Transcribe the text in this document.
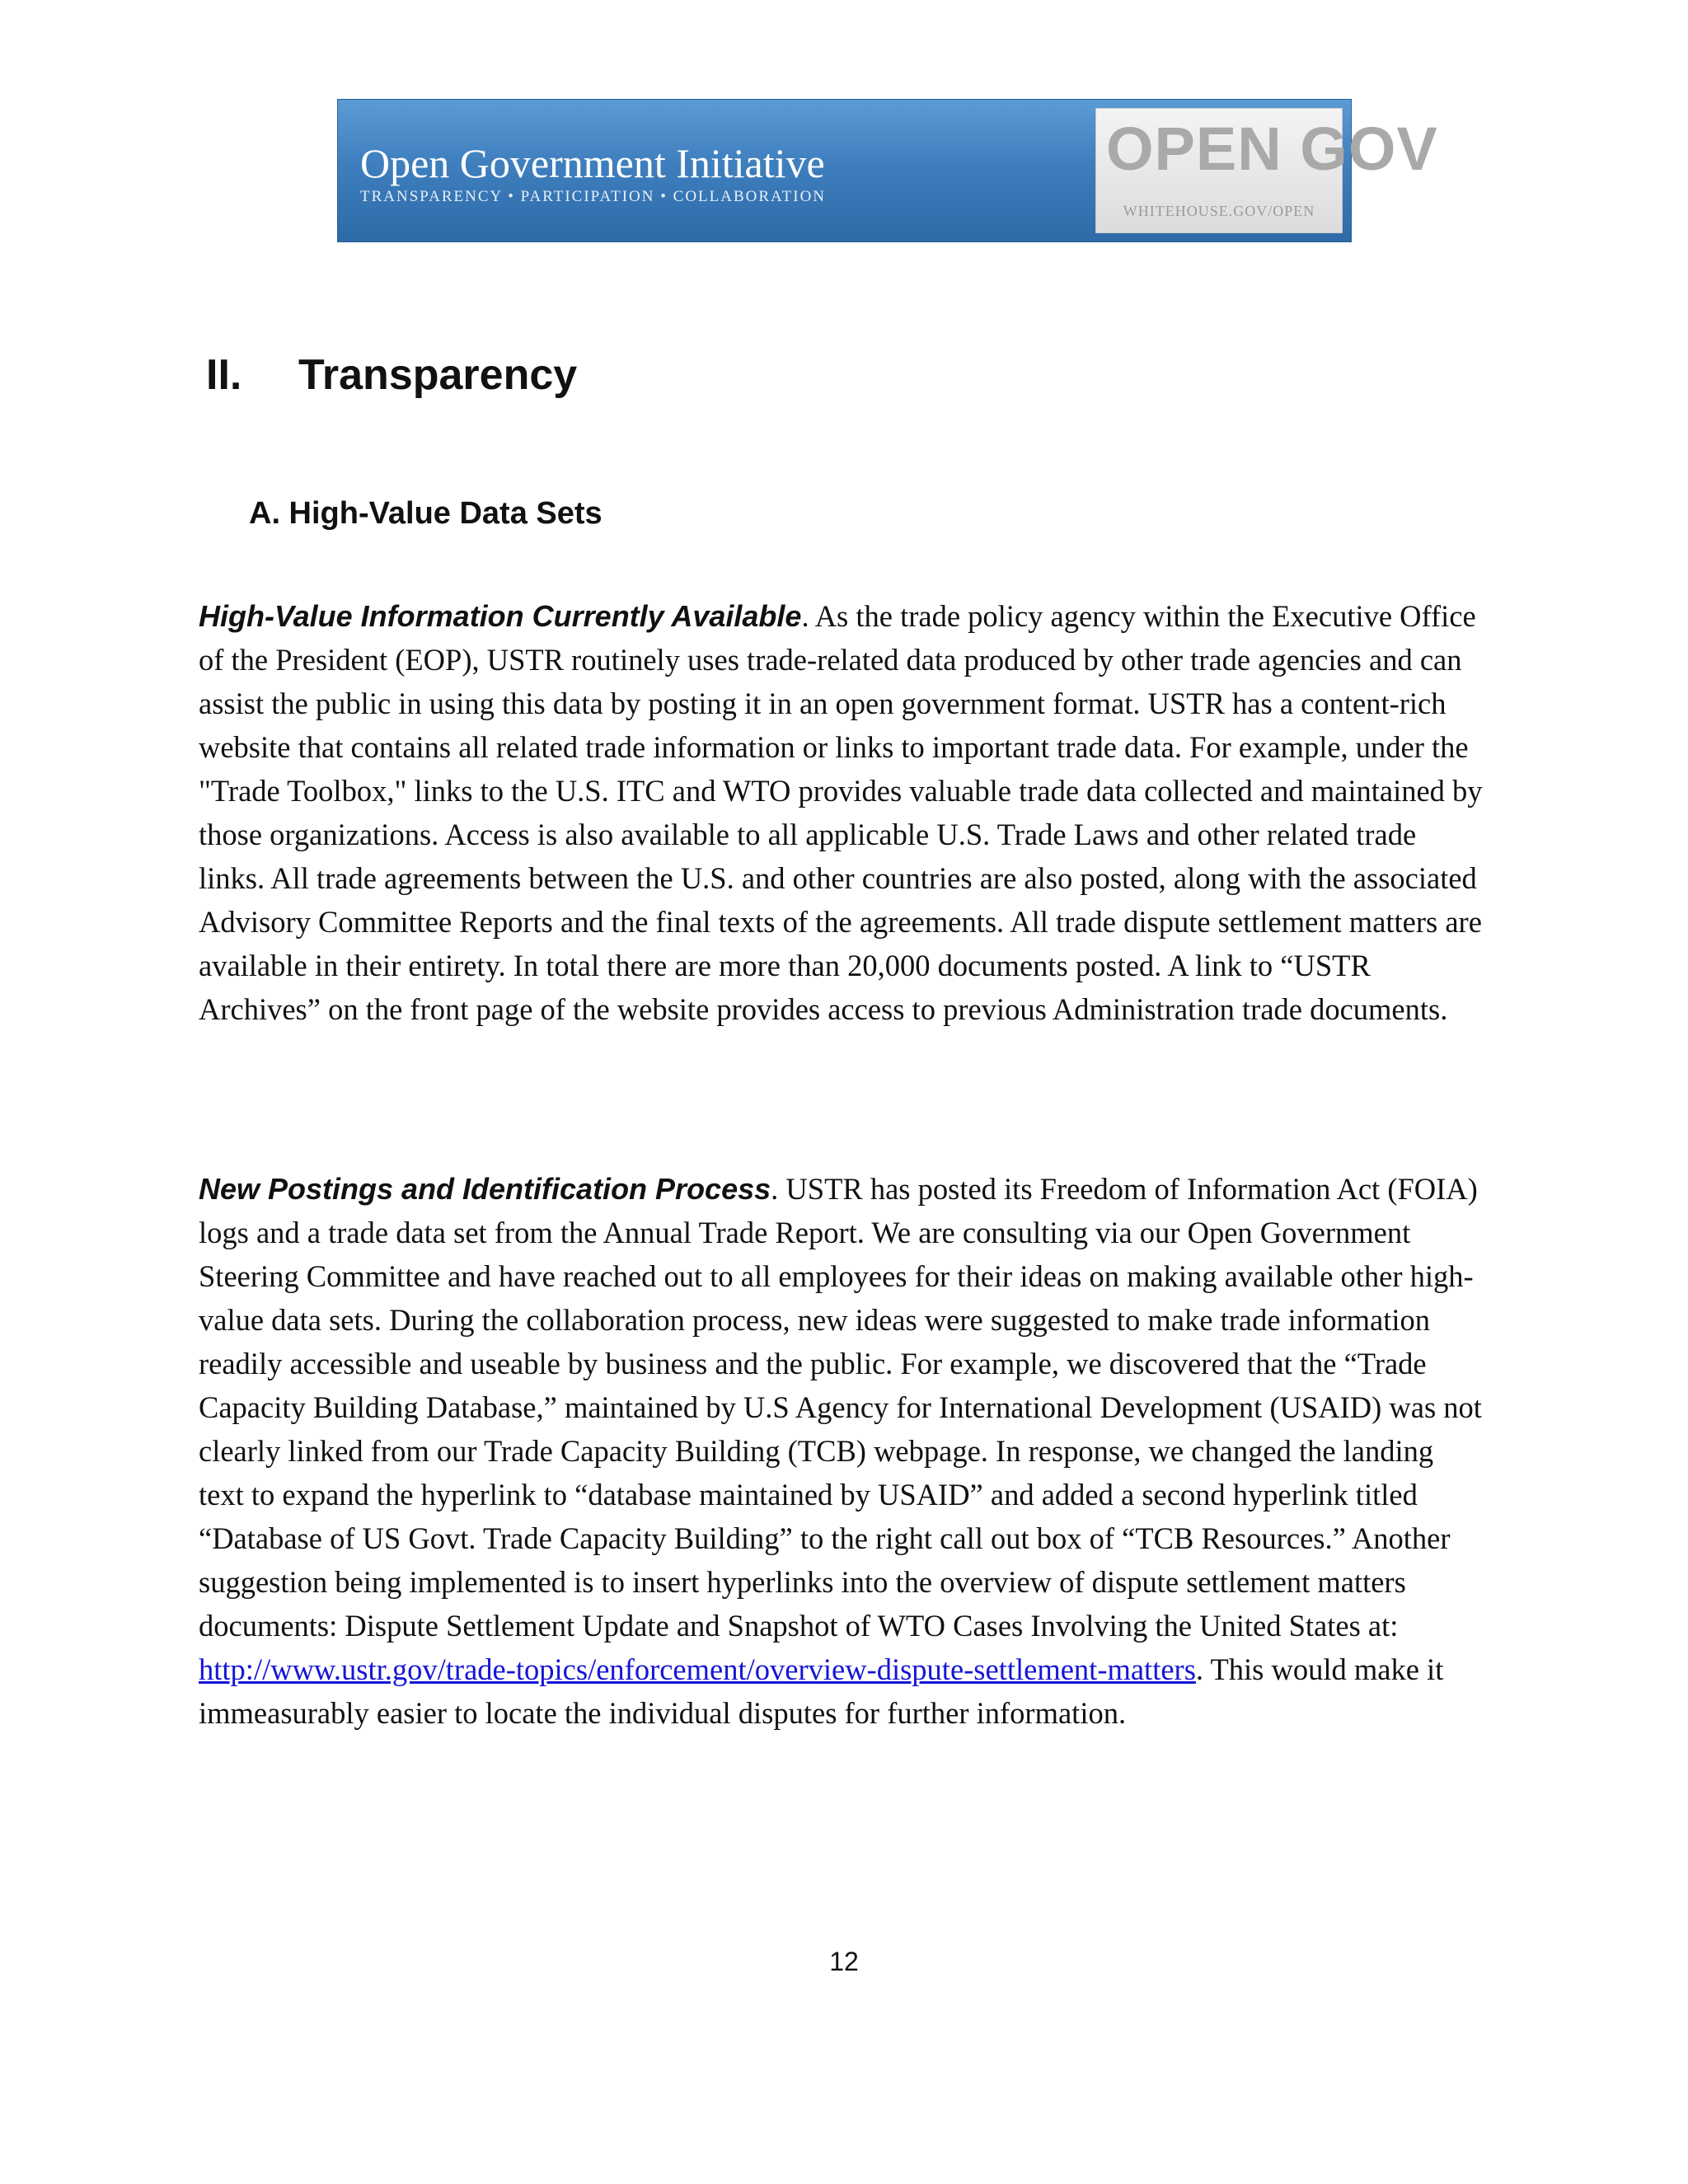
Open Government Initiative
TRANSPARENCY • PARTICIPATION • COLLABORATION
OPEN GOV
WHITEHOUSE.GOV/OPEN
II. Transparency
A. High-Value Data Sets
High-Value Information Currently Available. As the trade policy agency within the Executive Office of the President (EOP), USTR routinely uses trade-related data produced by other trade agencies and can assist the public in using this data by posting it in an open government format. USTR has a content-rich website that contains all related trade information or links to important trade data. For example, under the "Trade Toolbox," links to the U.S. ITC and WTO provides valuable trade data collected and maintained by those organizations. Access is also available to all applicable U.S. Trade Laws and other related trade links. All trade agreements between the U.S. and other countries are also posted, along with the associated Advisory Committee Reports and the final texts of the agreements. All trade dispute settlement matters are available in their entirety. In total there are more than 20,000 documents posted. A link to “USTR Archives” on the front page of the website provides access to previous Administration trade documents.
New Postings and Identification Process. USTR has posted its Freedom of Information Act (FOIA) logs and a trade data set from the Annual Trade Report. We are consulting via our Open Government Steering Committee and have reached out to all employees for their ideas on making available other high-value data sets. During the collaboration process, new ideas were suggested to make trade information readily accessible and useable by business and the public. For example, we discovered that the “Trade Capacity Building Database,” maintained by U.S Agency for International Development (USAID) was not clearly linked from our Trade Capacity Building (TCB) webpage. In response, we changed the landing text to expand the hyperlink to “database maintained by USAID” and added a second hyperlink titled “Database of US Govt. Trade Capacity Building” to the right call out box of “TCB Resources.” Another suggestion being implemented is to insert hyperlinks into the overview of dispute settlement matters documents: Dispute Settlement Update and Snapshot of WTO Cases Involving the United States at: http://www.ustr.gov/trade-topics/enforcement/overview-dispute-settlement-matters. This would make it immeasurably easier to locate the individual disputes for further information.
12
